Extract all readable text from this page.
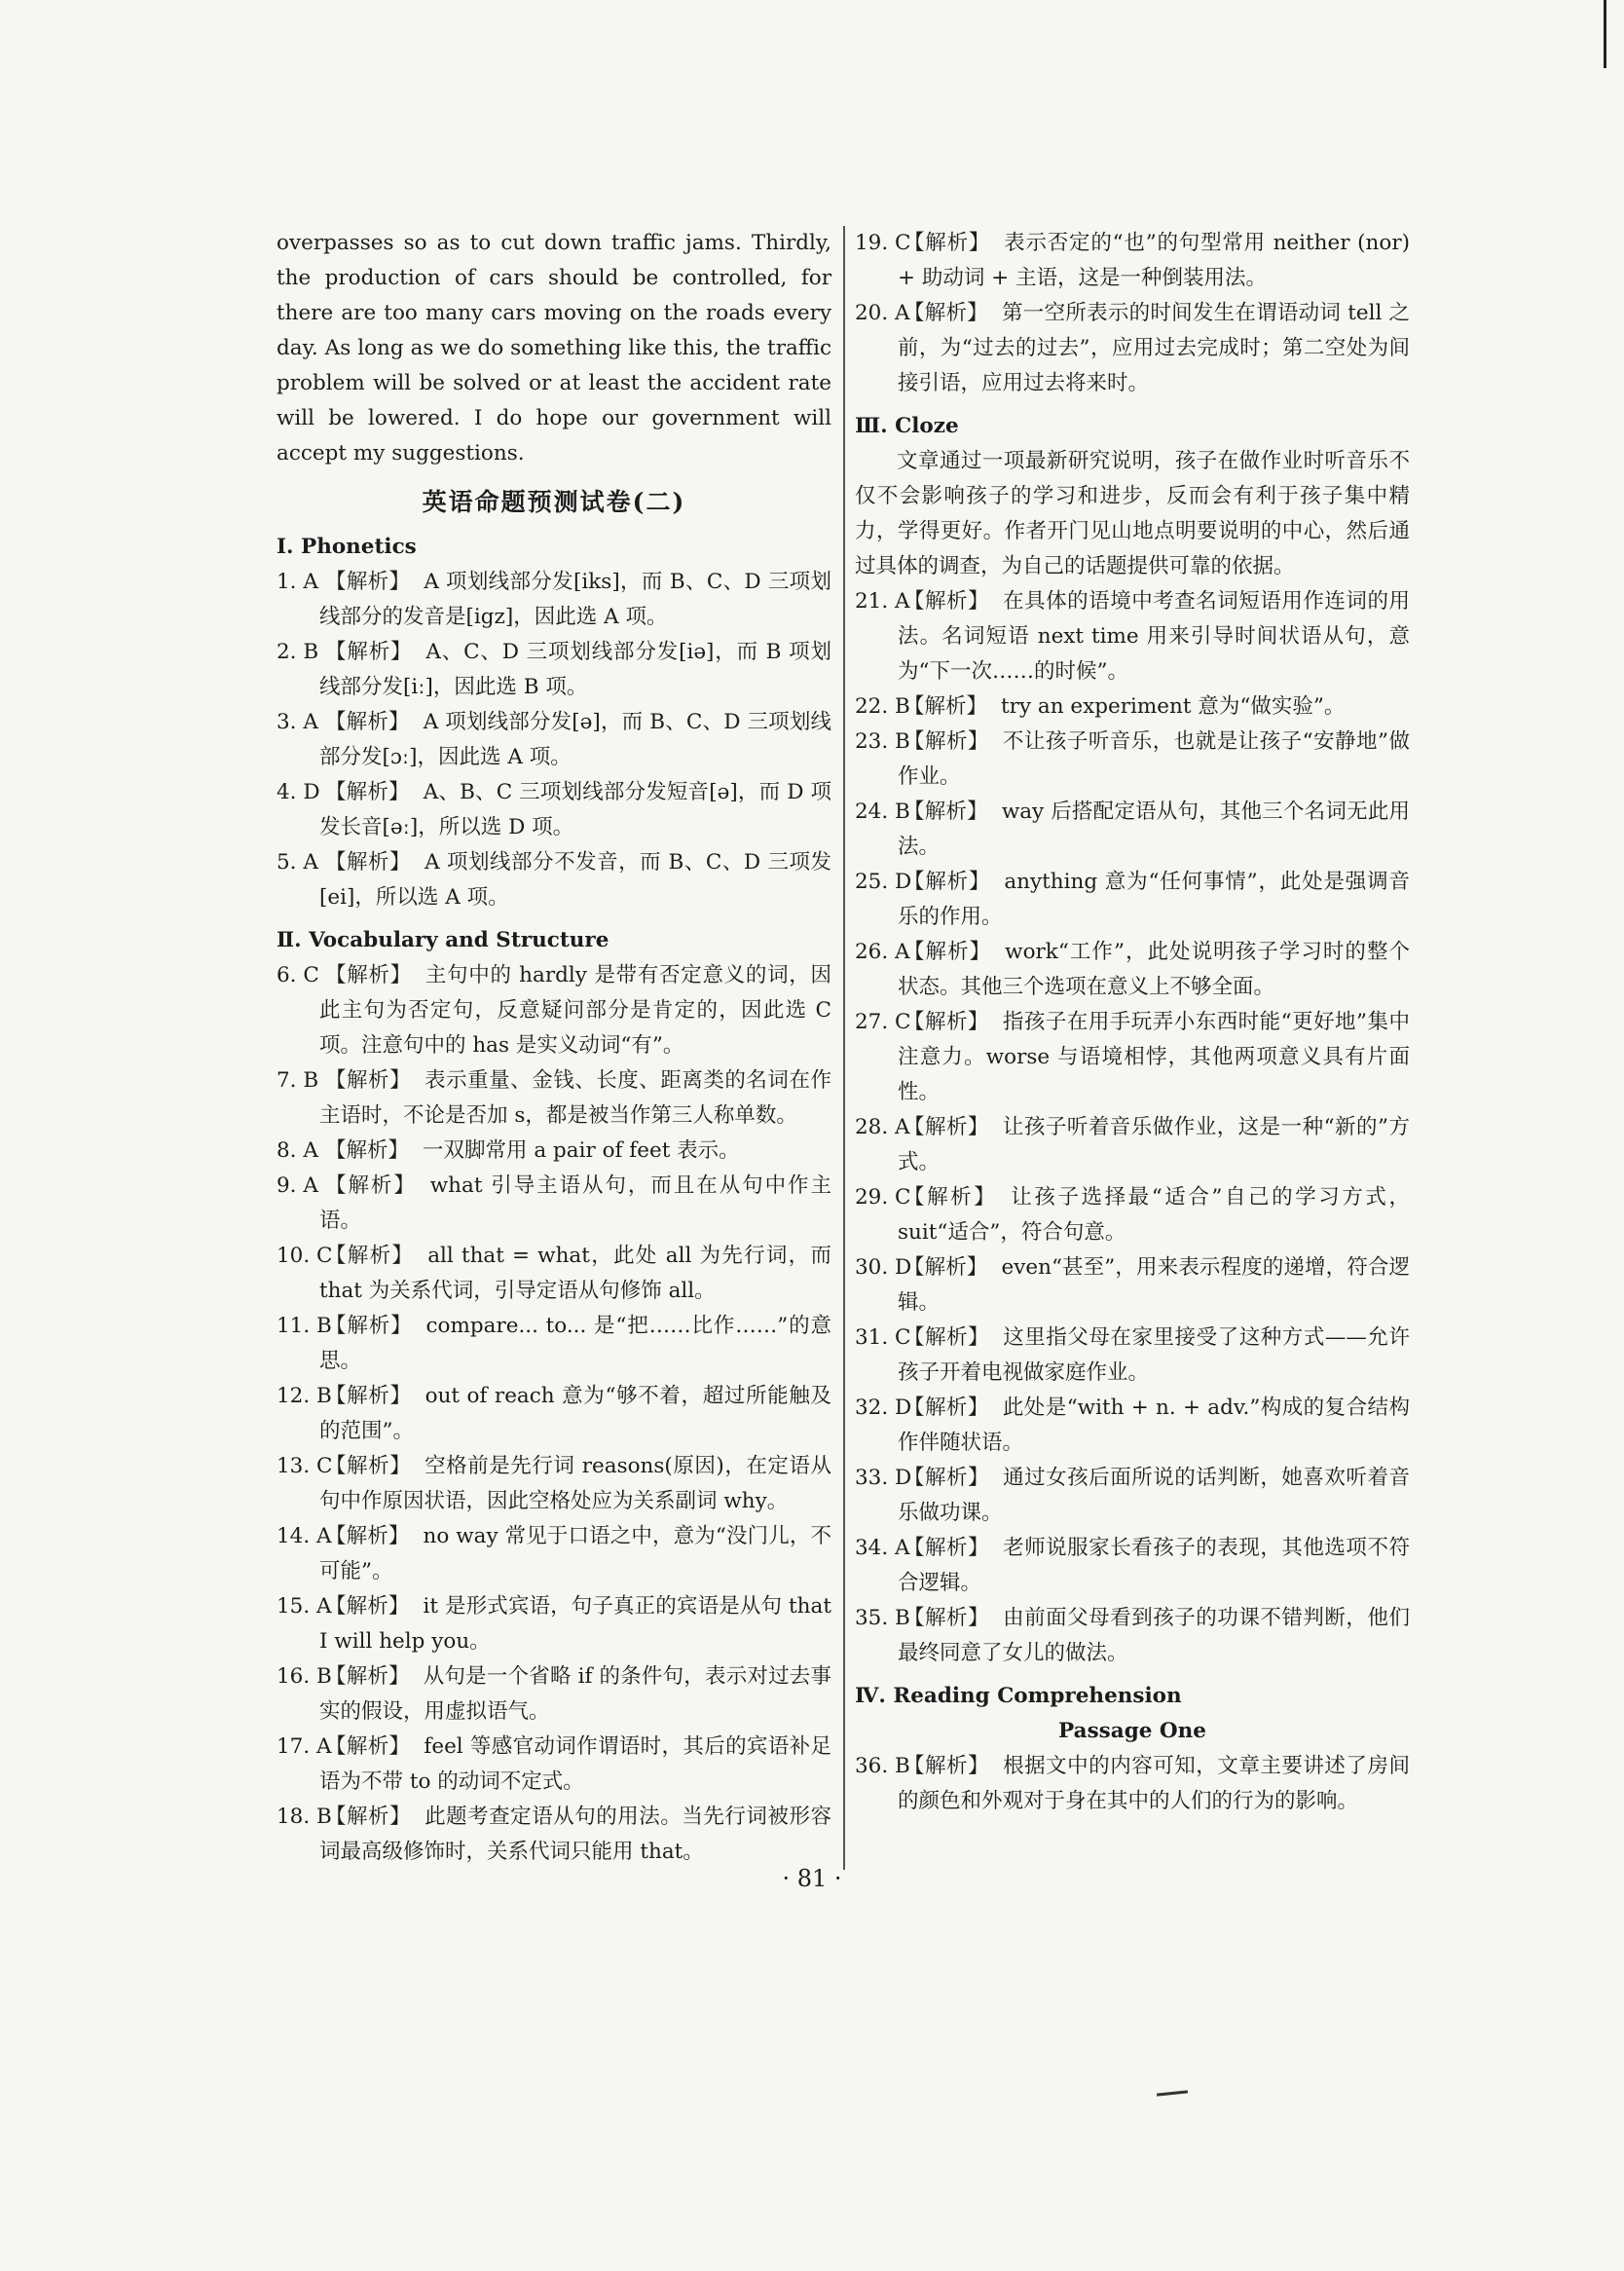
overpasses so as to cut down traffic jams. Thirdly, the production of cars should be controlled, for there are too many cars moving on the roads every day. As long as we do something like this, the traffic problem will be solved or at least the accident rate will be lowered. I do hope our government will accept my suggestions.

英语命题预测试卷(二)
Ⅰ. Phonetics
1. A 【解析】 A 项划线部分发[iks]，而 B、C、D 三项划线部分的发音是[igz]，因此选 A 项。
2. B 【解析】 A、C、D 三项划线部分发[iə]，而 B 项划线部分发[iː]，因此选 B 项。
3. A 【解析】 A 项划线部分发[ə]，而 B、C、D 三项划线部分发[ɔː]，因此选 A 项。
4. D 【解析】 A、B、C 三项划线部分发短音[ə]，而 D 项发长音[əː]，所以选 D 项。
5. A 【解析】 A 项划线部分不发音，而 B、C、D 三项发[ei]，所以选 A 项。
Ⅱ. Vocabulary and Structure
6. C 【解析】 主句中的 hardly 是带有否定意义的词，因此主句为否定句，反意疑问部分是肯定的，因此选 C 项。注意句中的 has 是实义动词“有”。
7. B 【解析】 表示重量、金钱、长度、距离类的名词在作主语时，不论是否加 s，都是被当作第三人称单数。
8. A 【解析】 一双脚常用 a pair of feet 表示。
9. A 【解析】 what 引导主语从句，而且在从句中作主语。
10. C
【解析】 all that = what，此处 all 为先行词，而 that 为关系代词，引导定语从句修饰 all。
11. B
【解析】 compare... to... 是“把……比作……”的意思。
12. B
【解析】 out of reach 意为“够不着，超过所能触及的范围”。
13. C
【解析】 空格前是先行词 reasons(原因)，在定语从句中作原因状语，因此空格处应为关系副词 why。
14. A
【解析】 no way 常见于口语之中，意为“没门儿，不可能”。
15. A
【解析】 it 是形式宾语，句子真正的宾语是从句 that I will help you。
16. B
【解析】 从句是一个省略 if 的条件句，表示对过去事实的假设，用虚拟语气。
17. A
【解析】 feel 等感官动词作谓语时，其后的宾语补足语为不带 to 的动词不定式。
18. B
【解析】 此题考查定语从句的用法。当先行词被形容词最高级修饰时，关系代词只能用 that。
19. C
【解析】 表示否定的“也”的句型常用 neither (nor) + 助动词 + 主语，这是一种倒装用法。
20. A
【解析】 第一空所表示的时间发生在谓语动词 tell 之前，为“过去的过去”，应用过去完成时；第二空处为间接引语，应用过去将来时。
Ⅲ. Cloze

文章通过一项最新研究说明，孩子在做作业时听音乐不仅不会影响孩子的学习和进步，反而会有利于孩子集中精力，学得更好。作者开门见山地点明要说明的中心，然后通过具体的调查，为自己的话题提供可靠的依据。

21. A
【解析】 在具体的语境中考查名词短语用作连词的用法。名词短语 next time 用来引导时间状语从句，意为“下一次……的时候”。
22. B
【解析】 try an experiment 意为“做实验”。
23. B
【解析】 不让孩子听音乐，也就是让孩子“安静地”做作业。
24. B
【解析】 way 后搭配定语从句，其他三个名词无此用法。
25. D
【解析】 anything 意为“任何事情”，此处是强调音乐的作用。
26. A
【解析】 work“工作”，此处说明孩子学习时的整个状态。其他三个选项在意义上不够全面。
27. C
【解析】 指孩子在用手玩弄小东西时能“更好地”集中注意力。worse 与语境相悖，其他两项意义具有片面性。
28. A
【解析】 让孩子听着音乐做作业，这是一种“新的”方式。
29. C
【解析】 让孩子选择最“适合”自己的学习方式，suit“适合”，符合句意。
30. D
【解析】 even“甚至”，用来表示程度的递增，符合逻辑。
31. C
【解析】 这里指父母在家里接受了这种方式——允许孩子开着电视做家庭作业。
32. D
【解析】 此处是“with + n. + adv.”构成的复合结构作伴随状语。
33. D
【解析】 通过女孩后面所说的话判断，她喜欢听着音乐做功课。
34. A
【解析】 老师说服家长看孩子的表现，其他选项不符合逻辑。
35. B
【解析】 由前面父母看到孩子的功课不错判断，他们最终同意了女儿的做法。
Ⅳ. Reading Comprehension
Passage One
36. B
【解析】 根据文中的内容可知，文章主要讲述了房间的颜色和外观对于身在其中的人们的行为的影响。
· 81 ·
